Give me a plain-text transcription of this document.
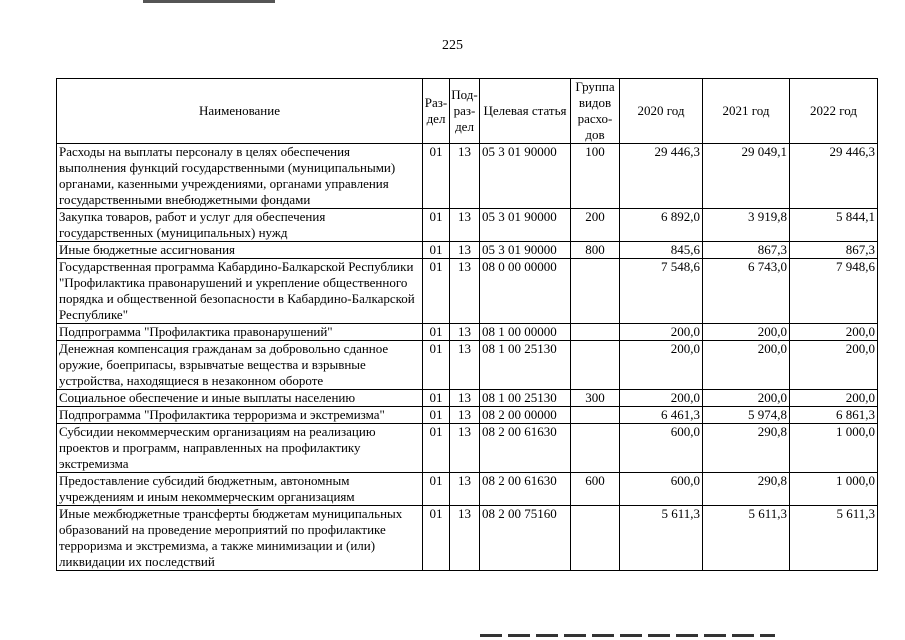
225
Наименование	Раз-дел	Под-раз-дел	Целевая статья	Группа видов расхо-дов	2020 год	2021 год	2022 год
Расходы на выплаты персоналу в целях обеспечения выполнения функций государственными (муниципальными) органами, казенными учреждениями, органами управления государственными внебюджетными фондами	01	13	05 3 01 90000	100	29 446,3	29 049,1	29 446,3
Закупка товаров, работ и услуг для обеспечения государственных (муниципальных) нужд	01	13	05 3 01 90000	200	6 892,0	3 919,8	5 844,1
Иные бюджетные ассигнования	01	13	05 3 01 90000	800	845,6	867,3	867,3
Государственная программа Кабардино-Балкарской Республики "Профилактика правонарушений и укрепление общественного порядка и общественной безопасности в Кабардино-Балкарской Республике"	01	13	08 0 00 00000		7 548,6	6 743,0	7 948,6
Подпрограмма "Профилактика правонарушений"	01	13	08 1 00 00000		200,0	200,0	200,0
Денежная компенсация гражданам за добровольно сданное оружие, боеприпасы, взрывчатые вещества и взрывные устройства, находящиеся в незаконном обороте	01	13	08 1 00 25130		200,0	200,0	200,0
Социальное обеспечение и иные выплаты населению	01	13	08 1 00 25130	300	200,0	200,0	200,0
Подпрограмма "Профилактика терроризма и экстремизма"	01	13	08 2 00 00000		6 461,3	5 974,8	6 861,3
Субсидии некоммерческим организациям на реализацию проектов и программ, направленных на профилактику экстремизма	01	13	08 2 00 61630		600,0	290,8	1 000,0
Предоставление субсидий бюджетным, автономным учреждениям и иным некоммерческим организациям	01	13	08 2 00 61630	600	600,0	290,8	1 000,0
Иные межбюджетные трансферты бюджетам муниципальных образований на проведение мероприятий по профилактике терроризма и экстремизма, а также минимизации и (или) ликвидации их последствий	01	13	08 2 00 75160		5 611,3	5 611,3	5 611,3
